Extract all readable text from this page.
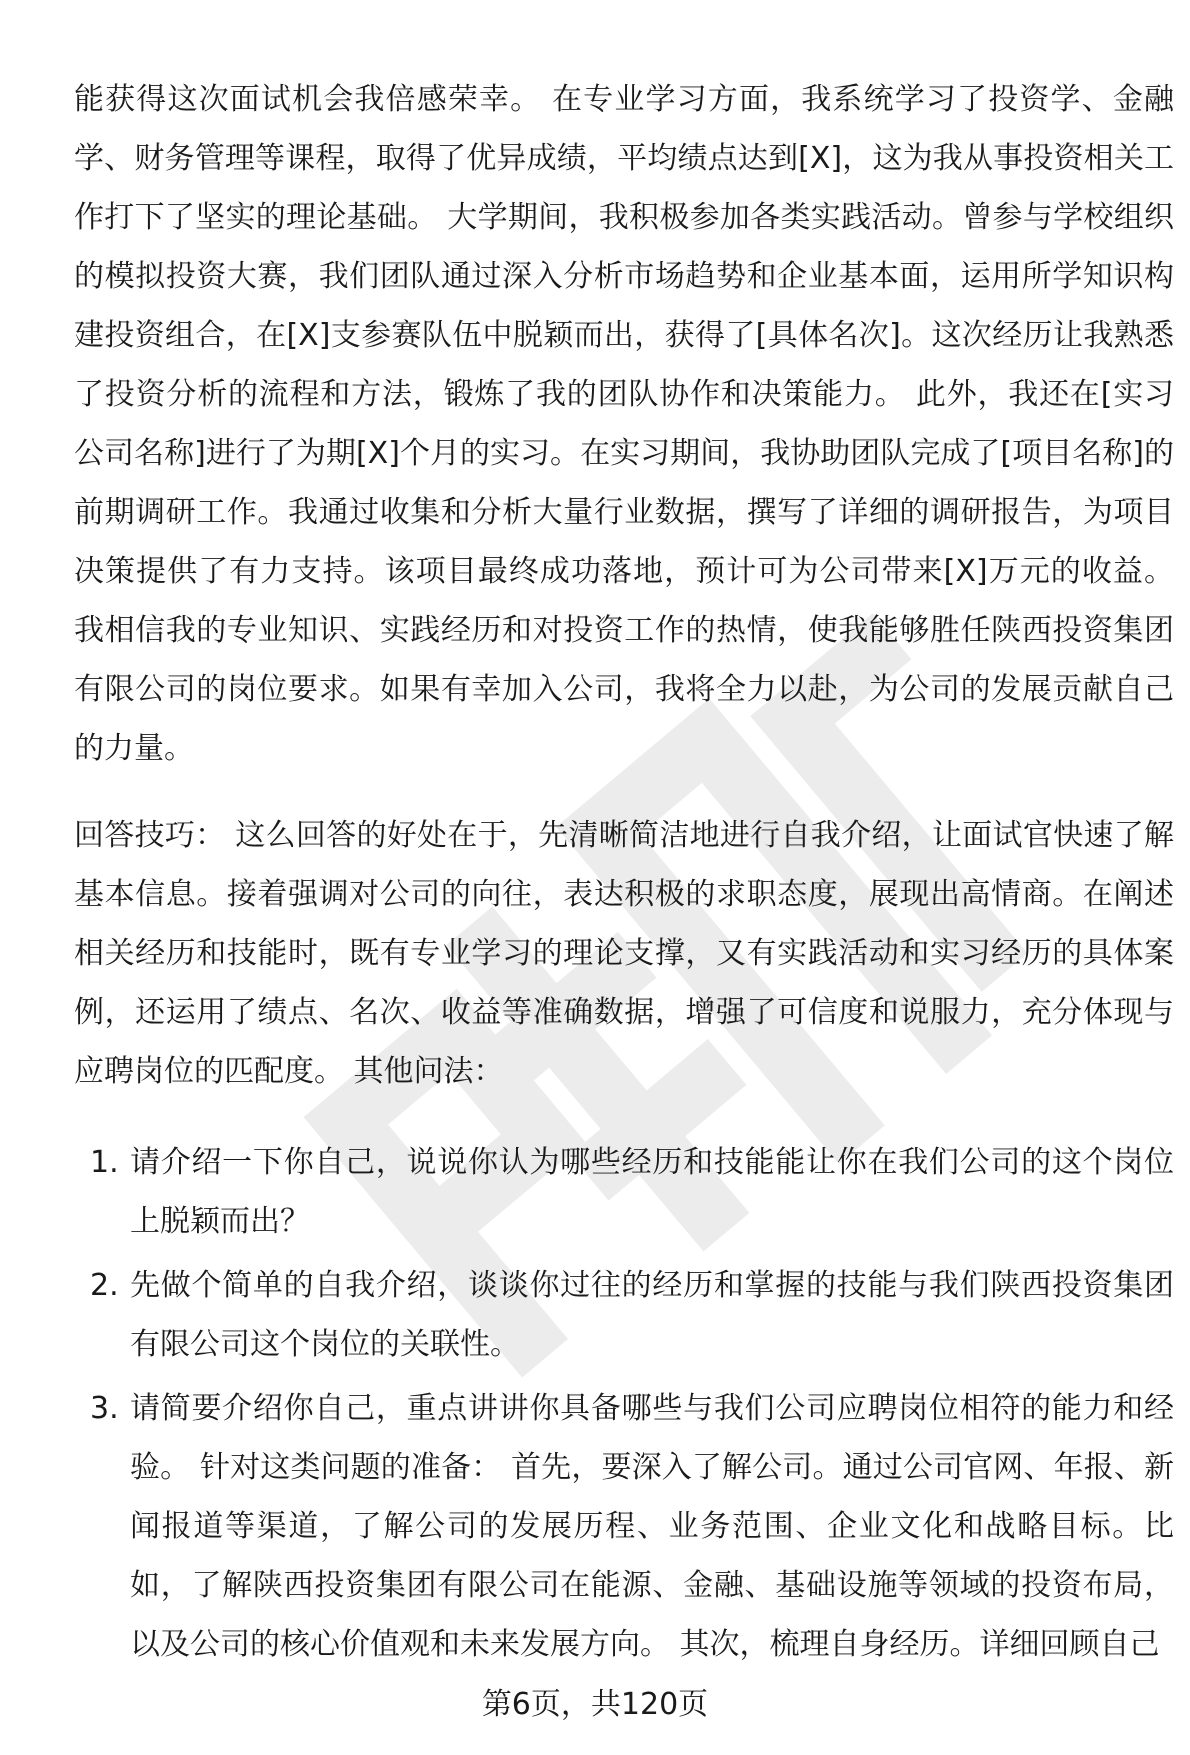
能获得这次面试机会我倍感荣幸。 在专业学习方面，我系统学习了投资学、金融学、财务管理等课程，取得了优异成绩，平均绩点达到[X]，这为我从事投资相关工作打下了坚实的理论基础。 大学期间，我积极参加各类实践活动。曾参与学校组织的模拟投资大赛，我们团队通过深入分析市场趋势和企业基本面，运用所学知识构建投资组合，在[X]支参赛队伍中脱颖而出，获得了[具体名次]。这次经历让我熟悉了投资分析的流程和方法，锻炼了我的团队协作和决策能力。 此外，我还在[实习公司名称]进行了为期[X]个月的实习。在实习期间，我协助团队完成了[项目名称]的前期调研工作。我通过收集和分析大量行业数据，撰写了详细的调研报告，为项目决策提供了有力支持。该项目最终成功落地，预计可为公司带来[X]万元的收益。 我相信我的专业知识、实践经历和对投资工作的热情，使我能够胜任陕西投资集团有限公司的岗位要求。如果有幸加入公司，我将全力以赴，为公司的发展贡献自己的力量。

回答技巧： 这么回答的好处在于，先清晰简洁地进行自我介绍，让面试官快速了解基本信息。接着强调对公司的向往，表达积极的求职态度，展现出高情商。在阐述相关经历和技能时，既有专业学习的理论支撑，又有实践活动和实习经历的具体案例，还运用了绩点、名次、收益等准确数据，增强了可信度和说服力，充分体现与应聘岗位的匹配度。 其他问法：

1. 请介绍一下你自己，说说你认为哪些经历和技能能让你在我们公司的这个岗位上脱颖而出？
2. 先做个简单的自我介绍，谈谈你过往的经历和掌握的技能与我们陕西投资集团有限公司这个岗位的关联性。
3. 请简要介绍你自己，重点讲讲你具备哪些与我们公司应聘岗位相符的能力和经验。 针对这类问题的准备： 首先，要深入了解公司。通过公司官网、年报、新闻报道等渠道，了解公司的发展历程、业务范围、企业文化和战略目标。比如，了解陕西投资集团有限公司在能源、金融、基础设施等领域的投资布局，以及公司的核心价值观和未来发展方向。 其次，梳理自身经历。详细回顾自己
第6页，共120页
